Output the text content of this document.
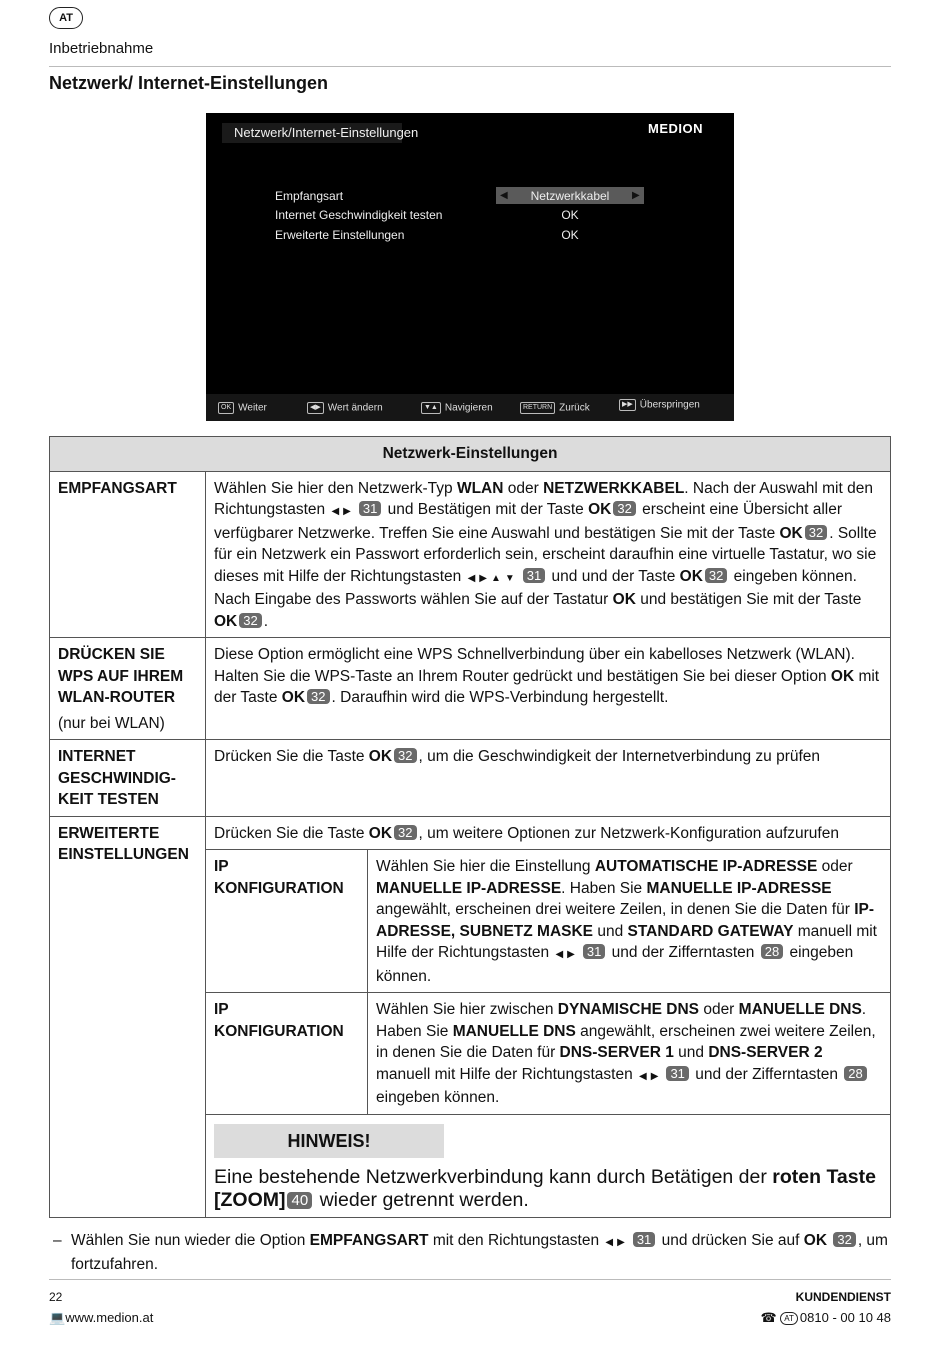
AT
Inbetriebnahme
Netzwerk/ Internet-Einstellungen
Netzwerk/Internet-Einstellungen	MEDION
◀	▶
Empfangsart	Netzwerkkabel
Internet Geschwindigkeit testen	OK
Erweiterte Einstellungen	OK
OK Weiter	◀▶ Wert ändern	▼▲ Navigieren	RETURN Zurück	▶▶ Überspringen
Netzwerk-Einstellungen
EMPFANGSART	Wählen Sie hier den Netzwerk-Typ WLAN oder NETZWERKKABEL. Nach der Auswahl mit den Richtungstasten ◀▶ 31 und Bestätigen mit der Taste OK 32 erscheint eine Übersicht aller verfügbarer Netzwerke. Treffen Sie eine Auswahl und bestätigen Sie mit der Taste OK 32 . Sollte für ein Netzwerk ein Passwort erforderlich sein, erscheint daraufhin eine virtuelle Tastatur, wo sie dieses mit Hilfe der Richtungstasten ◀▶▲▼ 31 und und der Taste OK 32 eingeben können. Nach Eingabe des Passworts wählen Sie auf der Tastatur OK und bestätigen Sie mit der Taste OK 32 .
DRÜCKEN SIE WPS AUF IHREM WLAN-ROUTER
(nur bei WLAN)
	Diese Option ermöglicht eine WPS Schnellverbindung über ein kabelloses Netzwerk (WLAN). Halten Sie die WPS-Taste an Ihrem Router gedrückt und bestätigen Sie bei dieser Option OK mit der Taste OK 32 . Daraufhin wird die WPS-Verbindung hergestellt.
INTERNET GESCHWINDIG-KEIT TESTEN	Drücken Sie die Taste OK 32 , um die Geschwindigkeit der Internetverbindung zu prüfen
ERWEITERTE EINSTELLUNGEN	
Drücken Sie die Taste OK 32 , um weitere Optionen zur Netzwerk-Konfiguration aufzurufen
IP KONFIGURATION	Wählen Sie hier die Einstellung AUTOMATISCHE IP-ADRESSE oder MANUELLE IP-ADRESSE. Haben Sie MANUELLE IP-ADRESSE angewählt, erscheinen drei weitere Zeilen, in denen Sie die Daten für IP-ADRESSE, SUBNETZ MASKE und STANDARD GATEWAY manuell mit Hilfe der Richtungstasten ◀▶ 31 und der Zifferntasten 28 eingeben können.
IP KONFIGURATION	Wählen Sie hier zwischen DYNAMISCHE DNS oder MANUELLE DNS. Haben Sie MANUELLE DNS angewählt, erscheinen zwei weitere Zeilen, in denen Sie die Daten für DNS-SERVER 1 und DNS-SERVER 2 manuell mit Hilfe der Richtungstasten ◀▶ 31 und der Zifferntasten 28 eingeben können.

HINWEIS!
Eine bestehende Netzwerkverbindung kann durch Betätigen der roten Taste [ZOOM] 40 wieder getrennt werden.
– Wählen Sie nun wieder die Option EMPFANGSART mit den Richtungstasten ◀▶ 31 und drücken Sie auf OK 32 , um fortzufahren.
22	KUNDENDIENST
💻www.medion.at	☎ AT 0810 - 00 10 48
